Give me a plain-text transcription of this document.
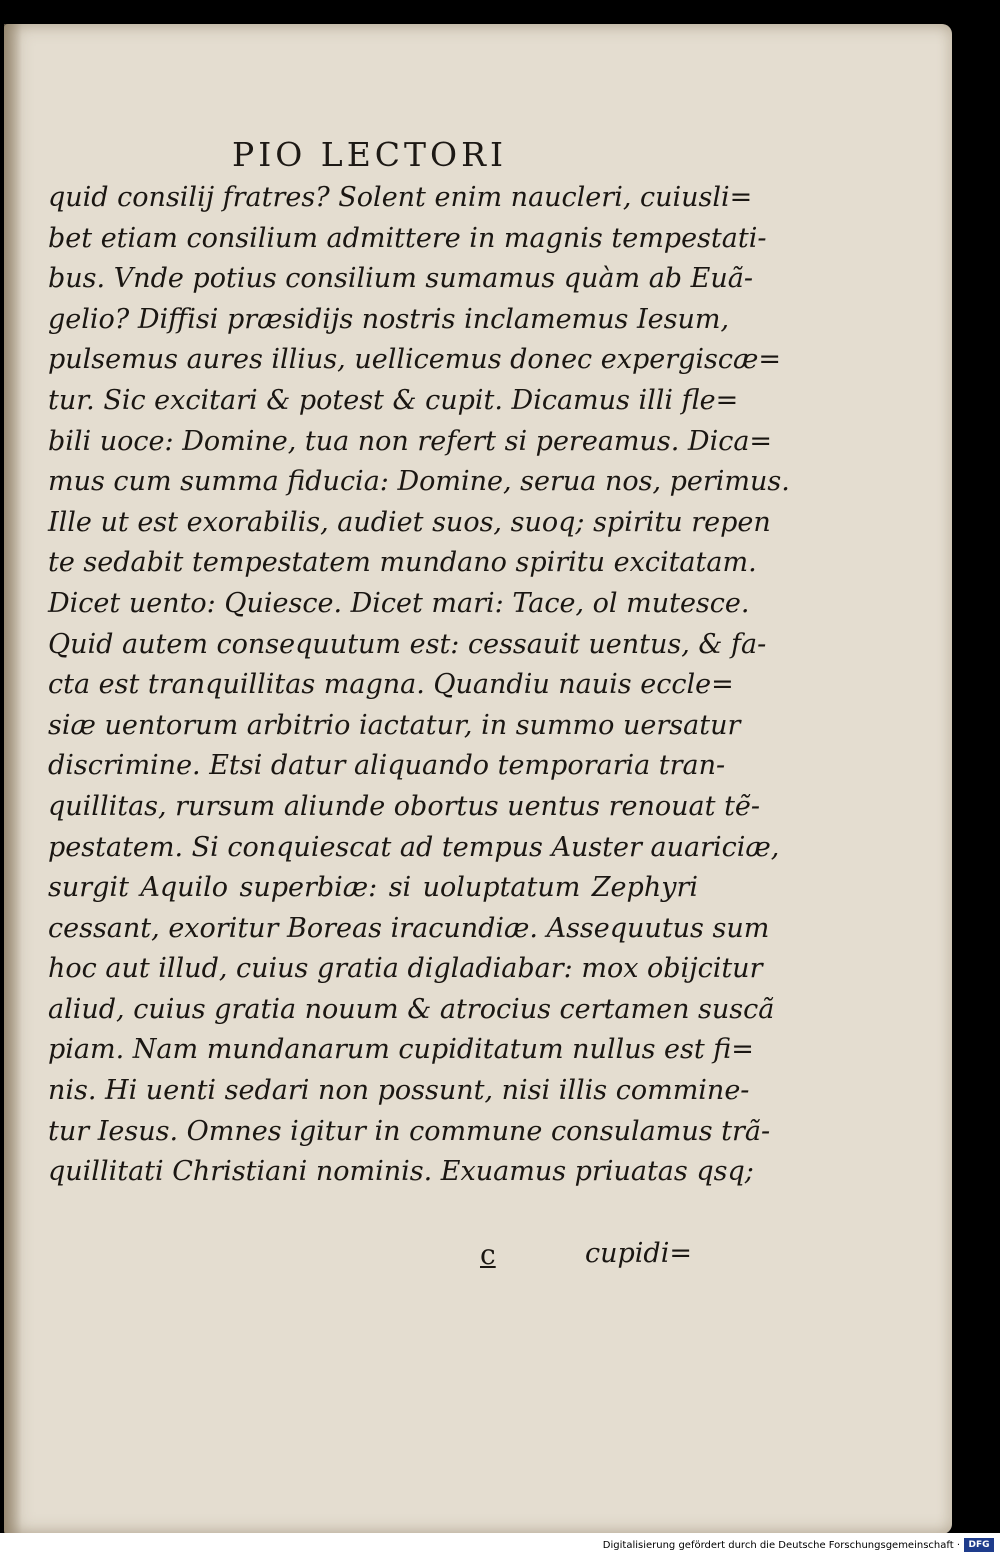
PIO LECTORI
quid consilij fratres? Solent enim naucleri, cuiusli=
bet etiam consilium admittere in magnis tempestati-
bus. Vnde potius consilium sumamus quàm ab Euã-
gelio? Diffisi præsidijs nostris inclamemus Iesum,
pulsemus aures illius, uellicemus donec expergiscæ=
tur. Sic excitari & potest & cupit. Dicamus illi fle=
bili uoce: Domine, tua non refert si pereamus. Dica=
mus cum summa fiducia: Domine, serua nos, perimus.
Ille ut est exorabilis, audiet suos, suoq; spiritu repen
te sedabit tempestatem mundano spiritu excitatam.
Dicet uento: Quiesce. Dicet mari: Tace, ol mutesce.
Quid autem consequutum est: cessauit uentus, & fa-
cta est tranquillitas magna. Quandiu nauis eccle=
siæ uentorum arbitrio iactatur, in summo uersatur
discrimine. Etsi datur aliquando temporaria tran-
quillitas, rursum aliunde obortus uentus renouat tẽ-
pestatem. Si conquiescat ad tempus Auster auariciæ,
surgit Aquilo superbiæ: si uoluptatum Zephyri
cessant, exoritur Boreas iracundiæ. Assequutus sum
hoc aut illud, cuius gratia digladiabar: mox obijcitur
aliud, cuius gratia nouum & atrocius certamen suscã
piam. Nam mundanarum cupiditatum nullus est fi=
nis. Hi uenti sedari non possunt, nisi illis commine-
tur Iesus. Omnes igitur in commune consulamus trã-
quillitati Christiani nominis. Exuamus priuatas qsq;
c	cupidi=
Digitalisierung gefördert durch die Deutsche Forschungsgemeinschaft · DFG
